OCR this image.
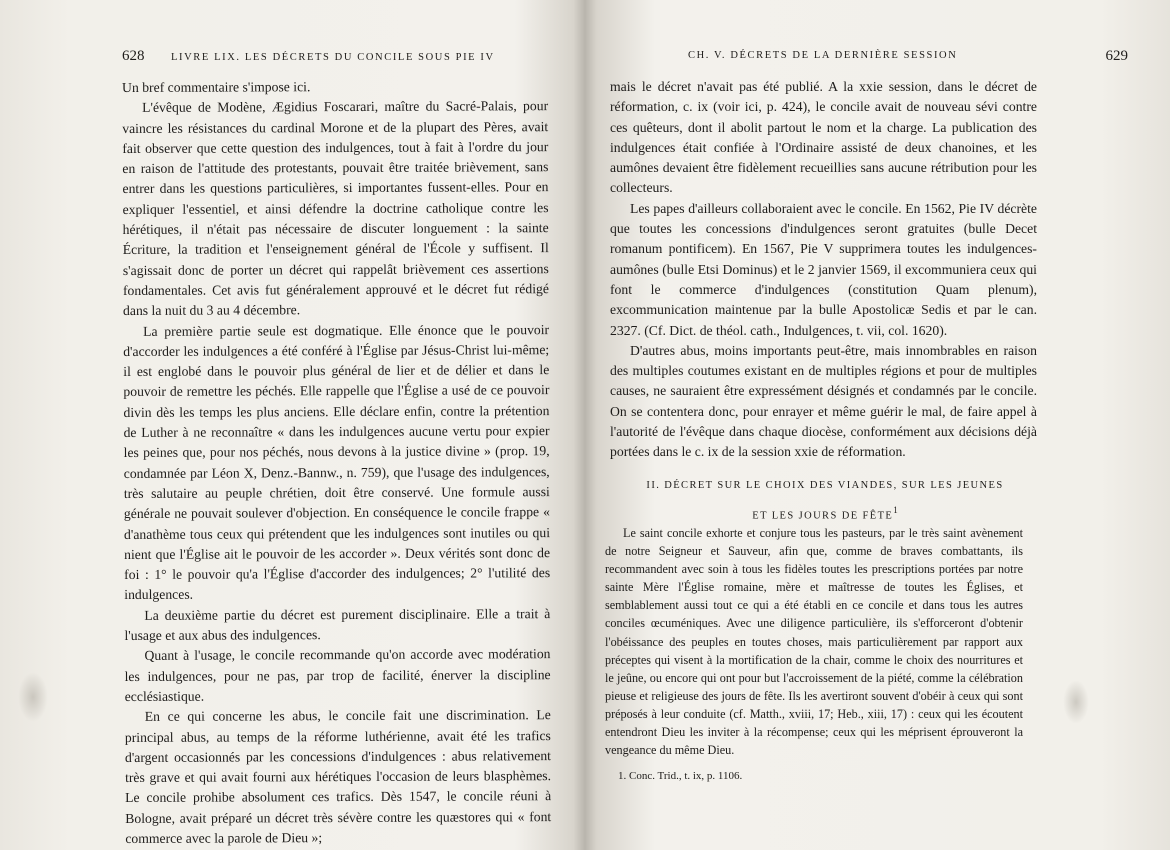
628	LIVRE LIX. LES DÉCRETS DU CONCILE SOUS PIE IV

Un bref commentaire s'impose ici.

L'évêque de Modène, Ægidius Foscarari, maître du Sacré-Palais, pour vaincre les résistances du cardinal Morone et de la plupart des Pères, avait fait observer que cette question des indulgences, tout à fait à l'ordre du jour en raison de l'attitude des protestants, pouvait être traitée brièvement, sans entrer dans les questions particulières, si importantes fussent-elles. Pour en expliquer l'essentiel, et ainsi défendre la doctrine catholique contre les hérétiques, il n'était pas nécessaire de discuter longuement : la sainte Écriture, la tradition et l'enseignement général de l'École y suffisent. Il s'agissait donc de porter un décret qui rappelât brièvement ces assertions fondamentales. Cet avis fut généralement approuvé et le décret fut rédigé dans la nuit du 3 au 4 décembre.

La première partie seule est dogmatique. Elle énonce que le pouvoir d'accorder les indulgences a été conféré à l'Église par Jésus-Christ lui-même; il est englobé dans le pouvoir plus général de lier et de délier et dans le pouvoir de remettre les péchés. Elle rappelle que l'Église a usé de ce pouvoir divin dès les temps les plus anciens. Elle déclare enfin, contre la prétention de Luther à ne reconnaître « dans les indulgences aucune vertu pour expier les peines que, pour nos péchés, nous devons à la justice divine » (prop. 19, condamnée par Léon X, Denz.-Bannw., n. 759), que l'usage des indulgences, très salutaire au peuple chrétien, doit être conservé. Une formule aussi générale ne pouvait soulever d'objection. En conséquence le concile frappe « d'anathème tous ceux qui prétendent que les indulgences sont inutiles ou qui nient que l'Église ait le pouvoir de les accorder ». Deux vérités sont donc de foi : 1° le pouvoir qu'a l'Église d'accorder des indulgences; 2° l'utilité des indulgences.

La deuxième partie du décret est purement disciplinaire. Elle a trait à l'usage et aux abus des indulgences.

Quant à l'usage, le concile recommande qu'on accorde avec modération les indulgences, pour ne pas, par trop de facilité, énerver la discipline ecclésiastique.

En ce qui concerne les abus, le concile fait une discrimination. Le principal abus, au temps de la réforme luthérienne, avait été les trafics d'argent occasionnés par les concessions d'indulgences : abus relativement très grave et qui avait fourni aux hérétiques l'occasion de leurs blasphèmes. Le concile prohibe absolument ces trafics. Dès 1547, le concile réuni à Bologne, avait préparé un décret très sévère contre les quæstores qui « font commerce avec la parole de Dieu »;

CH. V. DÉCRETS DE LA DERNIÈRE SESSION	629

mais le décret n'avait pas été publié. A la xxie session, dans le décret de réformation, c. ix (voir ici, p. 424), le concile avait de nouveau sévi contre ces quêteurs, dont il abolit partout le nom et la charge. La publication des indulgences était confiée à l'Ordinaire assisté de deux chanoines, et les aumônes devaient être fidèlement recueillies sans aucune rétribution pour les collecteurs.

Les papes d'ailleurs collaboraient avec le concile. En 1562, Pie IV décrète que toutes les concessions d'indulgences seront gratuites (bulle Decet romanum pontificem). En 1567, Pie V supprimera toutes les indulgences-aumônes (bulle Etsi Dominus) et le 2 janvier 1569, il excommuniera ceux qui font le commerce d'indulgences (constitution Quam plenum), excommunication maintenue par la bulle Apostolicæ Sedis et par le can. 2327. (Cf. Dict. de théol. cath., Indulgences, t. vii, col. 1620).

D'autres abus, moins importants peut-être, mais innombrables en raison des multiples coutumes existant en de multiples régions et pour de multiples causes, ne sauraient être expressément désignés et condamnés par le concile. On se contentera donc, pour enrayer et même guérir le mal, de faire appel à l'autorité de l'évêque dans chaque diocèse, conformément aux décisions déjà portées dans le c. ix de la session xxie de réformation.

II. DÉCRET SUR LE CHOIX DES VIANDES, SUR LES JEUNES
ET LES JOURS DE FÊTE$^1$

Le saint concile exhorte et conjure tous les pasteurs, par le très saint avènement de notre Seigneur et Sauveur, afin que, comme de braves combattants, ils recommandent avec soin à tous les fidèles toutes les prescriptions portées par notre sainte Mère l'Église romaine, mère et maîtresse de toutes les Églises, et semblablement aussi tout ce qui a été établi en ce concile et dans tous les autres conciles œcuméniques. Avec une diligence particulière, ils s'efforceront d'obtenir l'obéissance des peuples en toutes choses, mais particulièrement par rapport aux préceptes qui visent à la mortification de la chair, comme le choix des nourritures et le jeûne, ou encore qui ont pour but l'accroissement de la piété, comme la célébration pieuse et religieuse des jours de fête. Ils les avertiront souvent d'obéir à ceux qui sont préposés à leur conduite (cf. Matth., xviii, 17; Heb., xiii, 17) : ceux qui les écoutent entendront Dieu les inviter à la récompense; ceux qui les méprisent éprouveront la vengeance du même Dieu.

1. Conc. Trid., t. ix, p. 1106.
